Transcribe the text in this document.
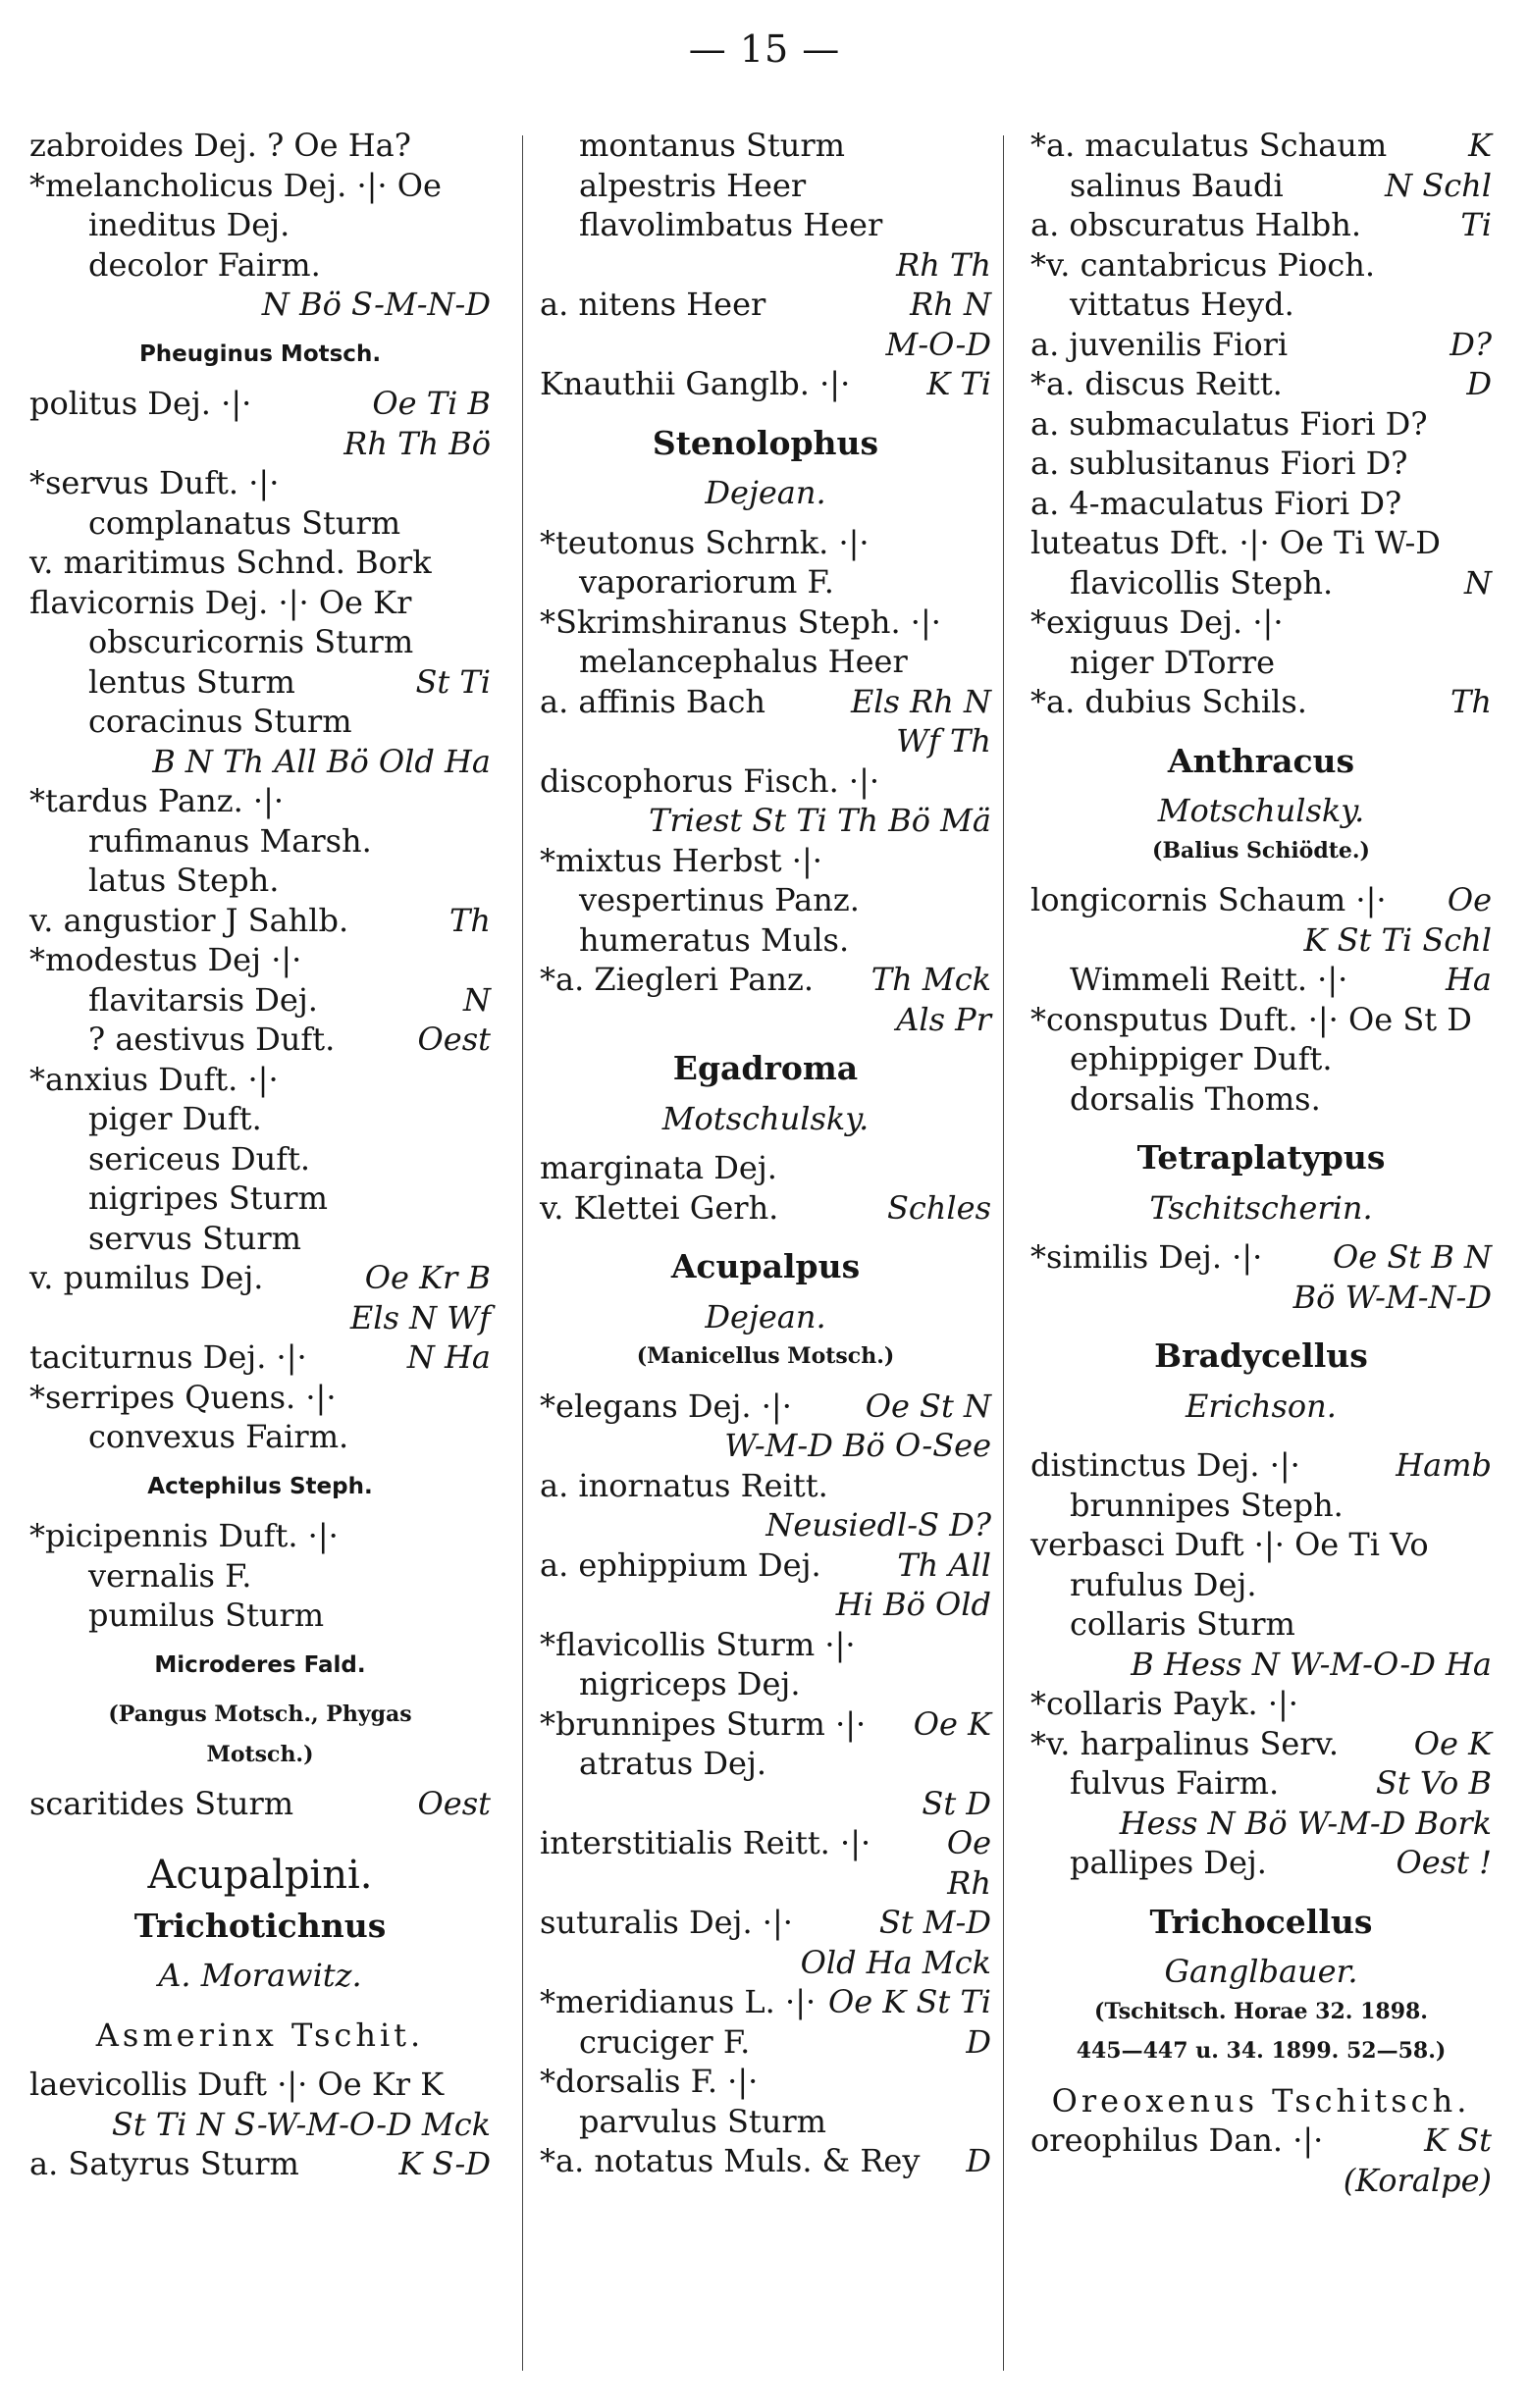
— 15 —
zabroides Dej. ? Oe Ha?
*melancholicus Dej. ·|· Oe
ineditus Dej.
decolor Fairm.
N Bö S-M-N-D
Pheuginus Motsch.
politus Dej. ·|·	Oe Ti B
Rh Th Bö
*servus Duft. ·|·
complanatus Sturm
v. maritimus Schnd. Bork
flavicornis Dej. ·|· Oe Kr
obscuricornis Sturm
lentus Sturm	St Ti
coracinus Sturm
B N Th All Bö Old Ha
*tardus Panz. ·|·
rufimanus Marsh.
latus Steph.
v. angustior J Sahlb.	Th
*modestus Dej ·|·
flavitarsis Dej.	N
? aestivus Duft.	Oest
*anxius Duft. ·|·
piger Duft.
sericeus Duft.
nigripes Sturm
servus Sturm
v. pumilus Dej.	Oe Kr B
Els N Wf
taciturnus Dej. ·|·	N Ha
*serripes Quens. ·|·
convexus Fairm.
Actephilus Steph.
*picipennis Duft. ·|·
vernalis F.
pumilus Sturm
Microderes Fald.
(Pangus Motsch., Phygas
Motsch.)
scaritides Sturm	Oest
Acupalpini.
Trichotichnus
A. Morawitz.
Asmerinx Tschit.
laevicollis Duft ·|· Oe Kr K
St Ti N S-W-M-O-D Mck
a. Satyrus Sturm	K S-D
montanus Sturm
alpestris Heer
flavolimbatus Heer
Rh Th
a. nitens Heer	Rh N
M-O-D
Knauthii Ganglb. ·|· K Ti
Stenolophus
Dejean.
*teutonus Schrnk. ·|·
vaporariorum F.
*Skrimshiranus Steph. ·|·
melancephalus Heer
a. affinis Bach	Els Rh N
Wf Th
discophorus Fisch. ·|·
Triest St Ti Th Bö Mä
*mixtus Herbst ·|·
vespertinus Panz.
humeratus Muls.
*a. Ziegleri Panz. Th Mck
Als Pr
Egadroma
Motschulsky.
marginata Dej.
v. Klettei Gerh.	Schles
Acupalpus
Dejean.
(Manicellus Motsch.)
*elegans Dej. ·|· Oe St N
W-M-D Bö O-See
a. inornatus Reitt.
Neusiedl-S D?
a. ephippium Dej. Th All
Hi Bö Old
*flavicollis Sturm ·|·
nigriceps Dej.
*brunnipes Sturm ·|· Oe K
atratus Dej.
St D
interstitialis Reitt. ·|· Oe
Rh
suturalis Dej. ·|·	St M-D
Old Ha Mck
*meridianus L. ·|· Oe K St Ti
cruciger F.	D
*dorsalis F. ·|·
parvulus Sturm
*a. notatus Muls. & Rey D
*a. maculatus Schaum	K
salinus Baudi	N Schl
a. obscuratus Halbh.	Ti
*v. cantabricus Pioch.
vittatus Heyd.
a. juvenilis Fiori	D?
*a. discus Reitt.	D
a. submaculatus Fiori D?
a. sublusitanus Fiori D?
a. 4-maculatus Fiori D?
luteatus Dft. ·|· Oe Ti W-D
flavicollis Steph.	N
*exiguus Dej. ·|·
niger DTorre
*a. dubius Schils.	Th
Anthracus
Motschulsky.
(Balius Schiödte.)
longicornis Schaum ·|· Oe
K St Ti Schl
Wimmeli Reitt. ·|·	Ha
*consputus Duft. ·|· Oe St D
ephippiger Duft.
dorsalis Thoms.
Tetraplatypus
Tschitscherin.
*similis Dej. ·|· Oe St B N
Bö W-M-N-D
Bradycellus
Erichson.
distinctus Dej. ·|·	Hamb
brunnipes Steph.
verbasci Duft ·|· Oe Ti Vo
rufulus Dej.
collaris Sturm
B Hess N W-M-O-D Ha
*collaris Payk. ·|·
*v. harpalinus Serv. Oe K
fulvus Fairm.	St Vo B
Hess N Bö W-M-D Bork
pallipes Dej.	Oest !
Trichocellus
Ganglbauer.
(Tschitsch. Horae 32. 1898.
445—447 u. 34. 1899. 52—58.)
Oreoxenus Tschitsch.
oreophilus Dan. ·|·	K St
(Koralpe)
